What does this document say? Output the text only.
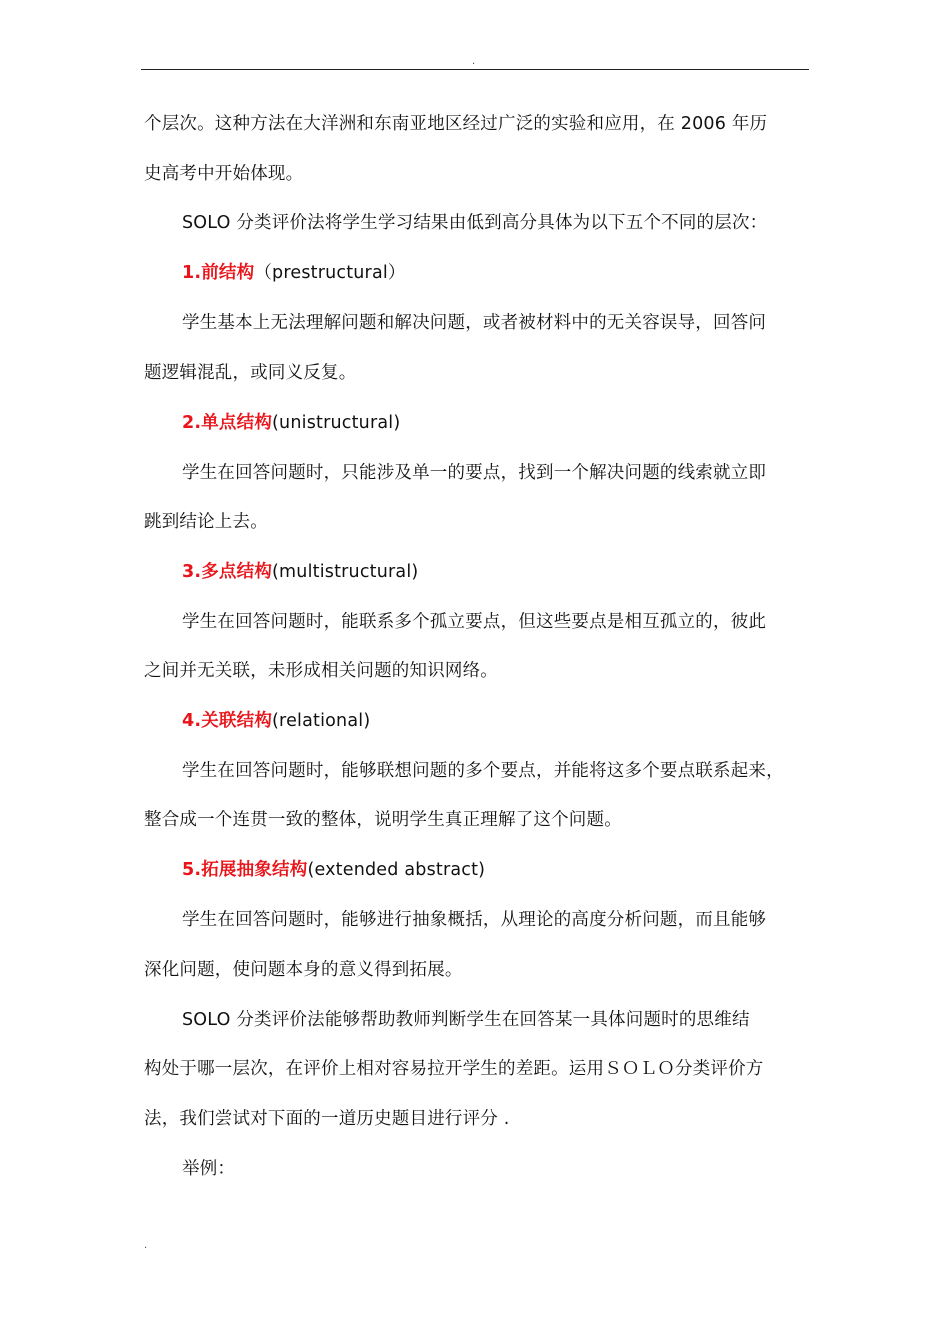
.
个层次。这种方法在大洋洲和东南亚地区经过广泛的实验和应用，在 2006 年历
史高考中开始体现。
SOLO 分类评价法将学生学习结果由低到高分具体为以下五个不同的层次：
1.前结构（prestructural）
学生基本上无法理解问题和解决问题，或者被材料中的无关容误导，回答问
题逻辑混乱，或同义反复。
2.单点结构(unistructural)
学生在回答问题时，只能涉及单一的要点，找到一个解决问题的线索就立即
跳到结论上去。
3.多点结构(multistructural)
学生在回答问题时，能联系多个孤立要点，但这些要点是相互孤立的，彼此
之间并无关联，未形成相关问题的知识网络。
4.关联结构(relational)
学生在回答问题时，能够联想问题的多个要点，并能将这多个要点联系起来，
整合成一个连贯一致的整体，说明学生真正理解了这个问题。
5.拓展抽象结构(extended abstract)
学生在回答问题时，能够进行抽象概括，从理论的高度分析问题，而且能够
深化问题，使问题本身的意义得到拓展。
SOLO 分类评价法能够帮助教师判断学生在回答某一具体问题时的思维结
构处于哪一层次，在评价上相对容易拉开学生的差距。运用ＳＯＬＯ分类评价方
法，我们尝试对下面的一道历史题目进行评分 .
举例：
.
